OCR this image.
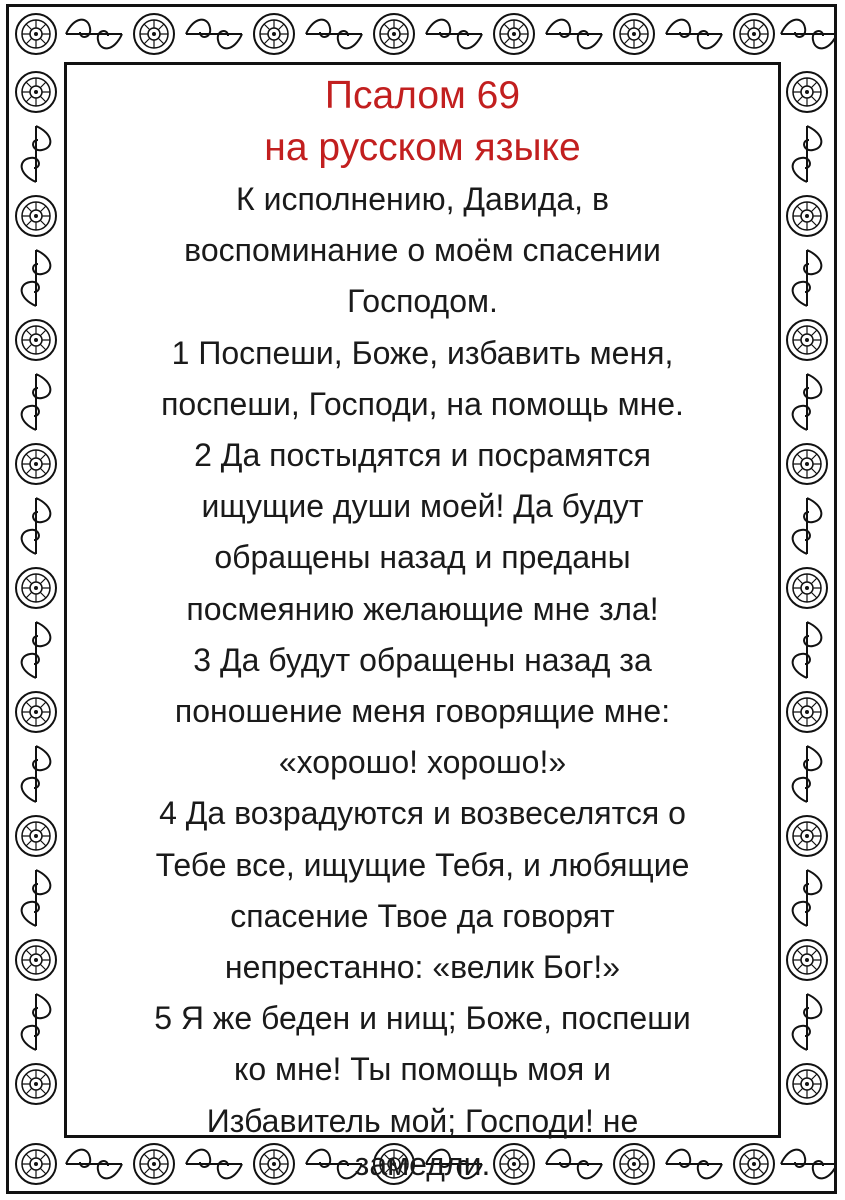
Псалом 69
на русском языке

К исполнению, Давида, в

воспоминание о моём спасении

Господом.

1 Поспеши, Боже, избавить меня,

поспеши, Господи, на помощь мне.

2 Да постыдятся и посрамятся

ищущие души моей! Да будут

обращены назад и преданы

посмеянию желающие мне зла!

3 Да будут обращены назад за

поношение меня говорящие мне:

«хорошо! хорошо!»

4 Да возрадуются и возвеселятся о

Тебе все, ищущие Тебя, и любящие

спасение Твое да говорят

непрестанно: «велик Бог!»

5 Я же беден и нищ; Боже, поспеши

ко мне! Ты помощь моя и

Избавитель мой; Господи! не

замедли.
